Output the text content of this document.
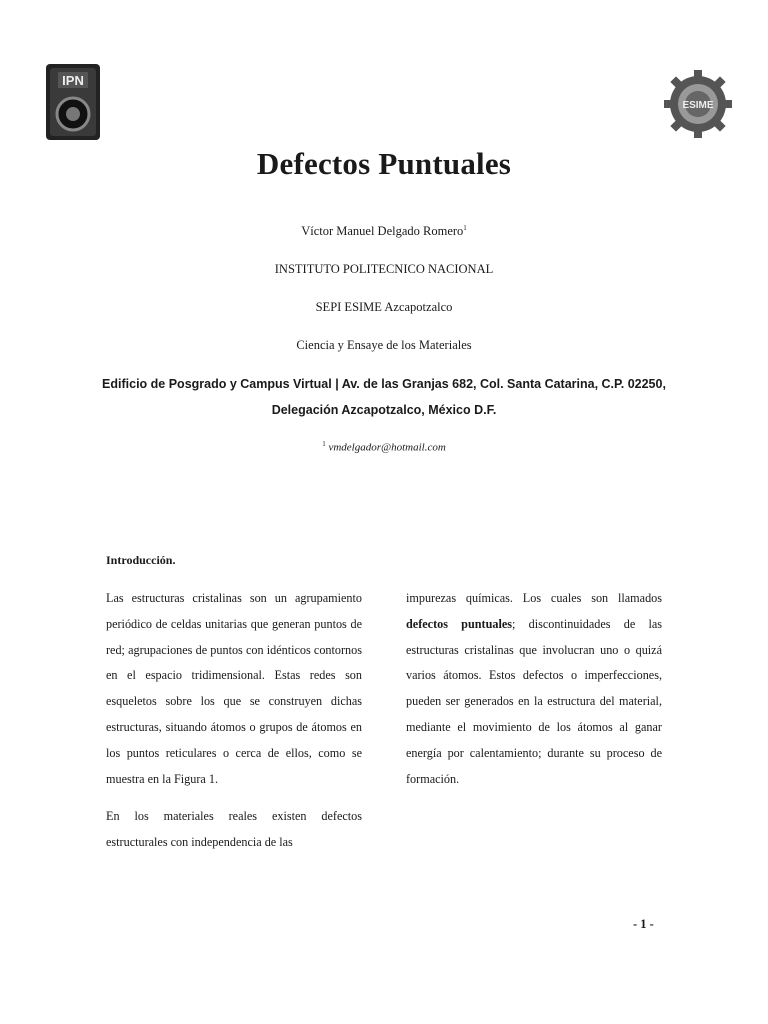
IPN
ESIME
Defectos Puntuales
Víctor Manuel Delgado Romero$^1$
INSTITUTO POLITECNICO NACIONAL
SEPI ESIME Azcapotzalco
Ciencia y Ensaye de los Materiales
Edificio de Posgrado y Campus Virtual | Av. de las Granjas 682, Col. Santa Catarina, C.P. 02250,
Delegación Azcapotzalco, México D.F.
$^1$ vmdelgador@hotmail.com
Introducción.

Las estructuras cristalinas son un agrupamiento periódico de celdas unitarias que generan puntos de red; agrupaciones de puntos con idénticos contornos en el espacio tridimensional. Estas redes son esqueletos sobre los que se construyen dichas estructuras, situando átomos o grupos de átomos en los puntos reticulares o cerca de ellos, como se muestra en la Figura 1.

En los materiales reales existen defectos estructurales con independencia de las

impurezas químicas. Los cuales son llamados defectos puntuales; discontinuidades de las estructuras cristalinas que involucran uno o quizá varios átomos. Estos defectos o imperfecciones, pueden ser generados en la estructura del material, mediante el movimiento de los átomos al ganar energía por calentamiento; durante su proceso de formación.

- 1 -
